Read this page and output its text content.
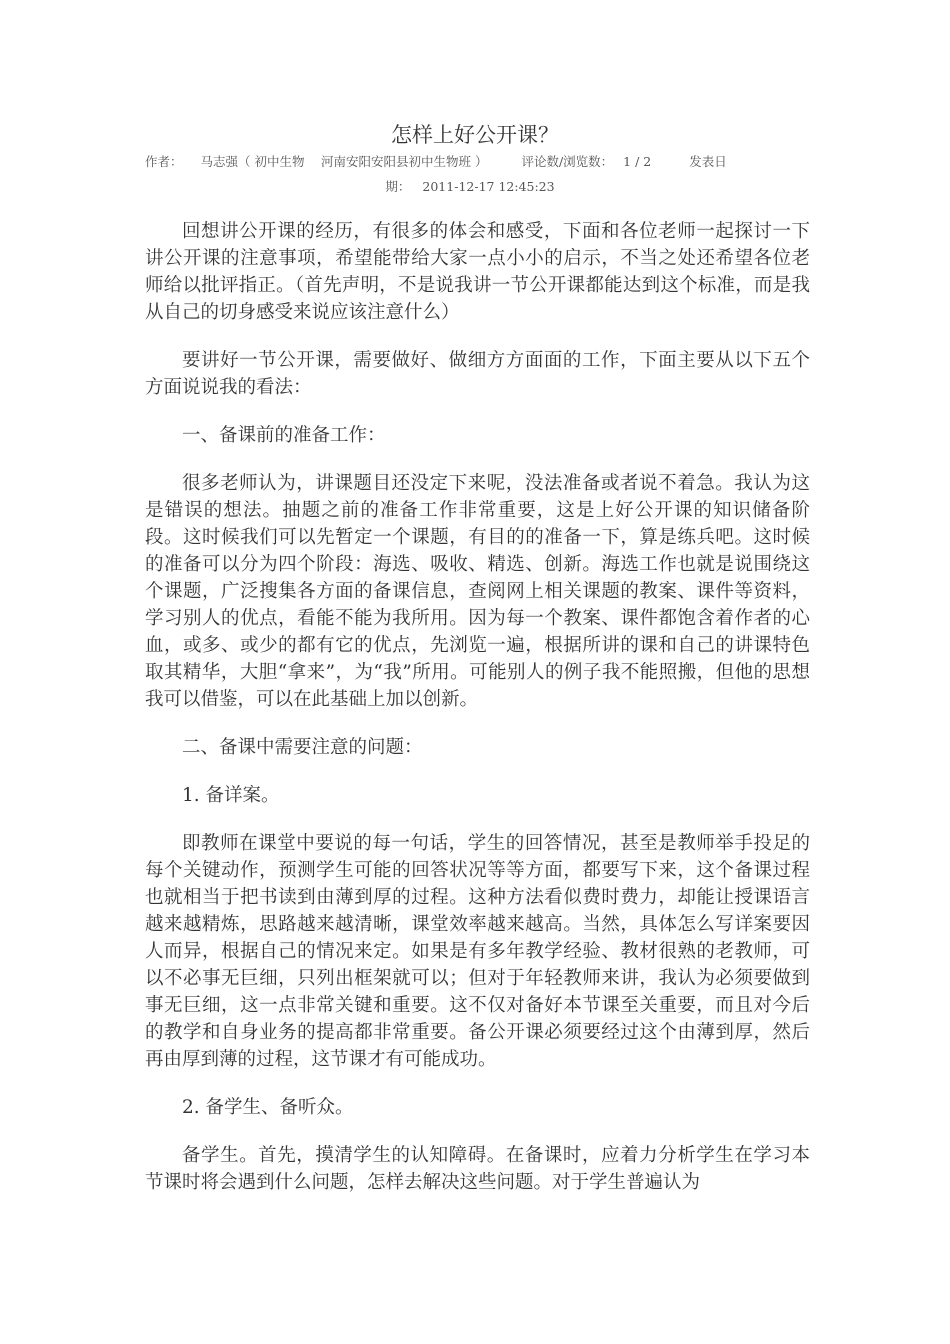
怎样上好公开课？
作者： 马志强（ 初中生物　 河南安阳安阳县初中生物班 ）	评论数/浏览数： 1 / 2	发表日
期： 2011-12-17 12:45:23

回想讲公开课的经历，有很多的体会和感受，下面和各位老师一起探讨一下讲公开课的注意事项，希望能带给大家一点小小的启示，不当之处还希望各位老师给以批评指正。（首先声明，不是说我讲一节公开课都能达到这个标准，而是我从自己的切身感受来说应该注意什么）

要讲好一节公开课，需要做好、做细方方面面的工作，下面主要从以下五个方面说说我的看法：

一、备课前的准备工作：

很多老师认为，讲课题目还没定下来呢，没法准备或者说不着急。我认为这是错误的想法。抽题之前的准备工作非常重要，这是上好公开课的知识储备阶段。这时候我们可以先暂定一个课题，有目的的准备一下，算是练兵吧。这时候的准备可以分为四个阶段：海选、吸收、精选、创新。海选工作也就是说围绕这个课题，广泛搜集各方面的备课信息，查阅网上相关课题的教案、课件等资料，学习别人的优点，看能不能为我所用。因为每一个教案、课件都饱含着作者的心血，或多、或少的都有它的优点，先浏览一遍，根据所讲的课和自己的讲课特色取其精华，大胆“拿来”，为“我”所用。可能别人的例子我不能照搬，但他的思想我可以借鉴，可以在此基础上加以创新。

二、备课中需要注意的问题：

1. 备详案。

即教师在课堂中要说的每一句话，学生的回答情况，甚至是教师举手投足的每个关键动作，预测学生可能的回答状况等等方面，都要写下来，这个备课过程也就相当于把书读到由薄到厚的过程。这种方法看似费时费力，却能让授课语言越来越精炼，思路越来越清晰，课堂效率越来越高。当然，具体怎么写详案要因人而异，根据自己的情况来定。如果是有多年教学经验、教材很熟的老教师，可以不必事无巨细，只列出框架就可以；但对于年轻教师来讲，我认为必须要做到事无巨细，这一点非常关键和重要。这不仅对备好本节课至关重要，而且对今后的教学和自身业务的提高都非常重要。备公开课必须要经过这个由薄到厚，然后再由厚到薄的过程，这节课才有可能成功。

2. 备学生、备听众。

备学生。首先，摸清学生的认知障碍。在备课时，应着力分析学生在学习本节课时将会遇到什么问题，怎样去解决这些问题。对于学生普遍认为
